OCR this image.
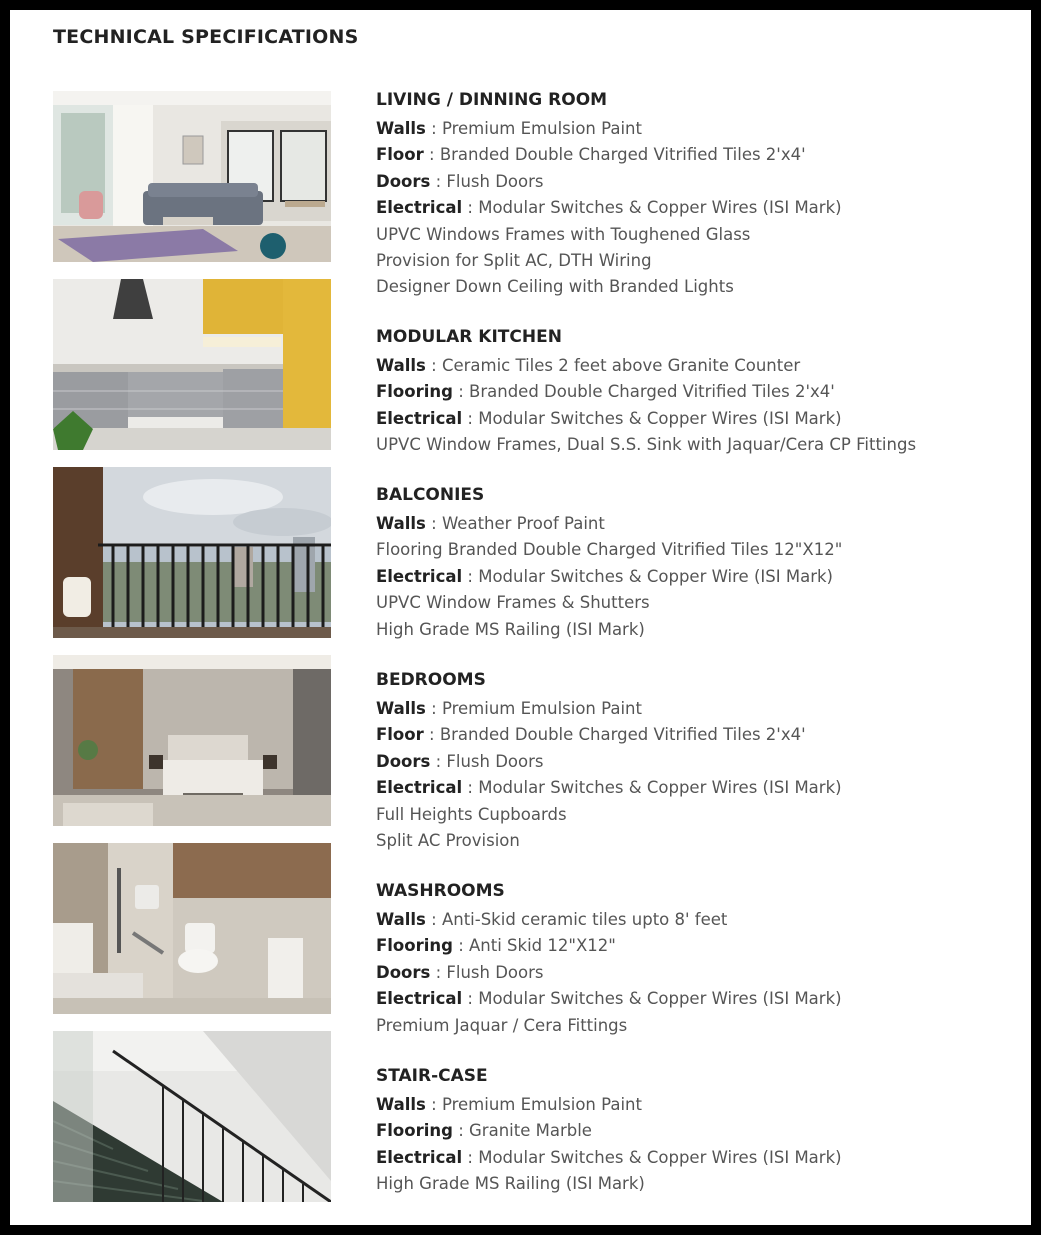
TECHNICAL SPECIFICATIONS
LIVING / DINNING ROOM
Walls : Premium Emulsion Paint
Floor : Branded Double Charged Vitrified Tiles 2'x4'
Doors : Flush Doors
Electrical : Modular Switches & Copper Wires (ISI Mark)
UPVC Windows Frames with Toughened Glass
Provision for Split AC, DTH Wiring
Designer Down Ceiling with Branded Lights
MODULAR KITCHEN
Walls : Ceramic Tiles 2 feet above Granite Counter
Flooring : Branded Double Charged Vitrified Tiles 2'x4'
Electrical : Modular Switches & Copper Wires (ISI Mark)
UPVC Window Frames, Dual S.S. Sink with Jaquar/Cera CP Fittings
BALCONIES
Walls : Weather Proof Paint
Flooring Branded Double Charged Vitrified Tiles 12"X12"
Electrical : Modular Switches & Copper Wire (ISI Mark)
UPVC Window Frames & Shutters
High Grade MS Railing (ISI Mark)
BEDROOMS
Walls : Premium Emulsion Paint
Floor : Branded Double Charged Vitrified Tiles 2'x4'
Doors : Flush Doors
Electrical : Modular Switches & Copper Wires (ISI Mark)
Full Heights Cupboards
Split AC Provision
WASHROOMS
Walls : Anti-Skid ceramic tiles upto 8' feet
Flooring : Anti Skid 12"X12"
Doors : Flush Doors
Electrical : Modular Switches & Copper Wires (ISI Mark)
Premium Jaquar / Cera Fittings
STAIR-CASE
Walls : Premium Emulsion Paint
Flooring : Granite Marble
Electrical : Modular Switches & Copper Wires (ISI Mark)
High Grade MS Railing (ISI Mark)
